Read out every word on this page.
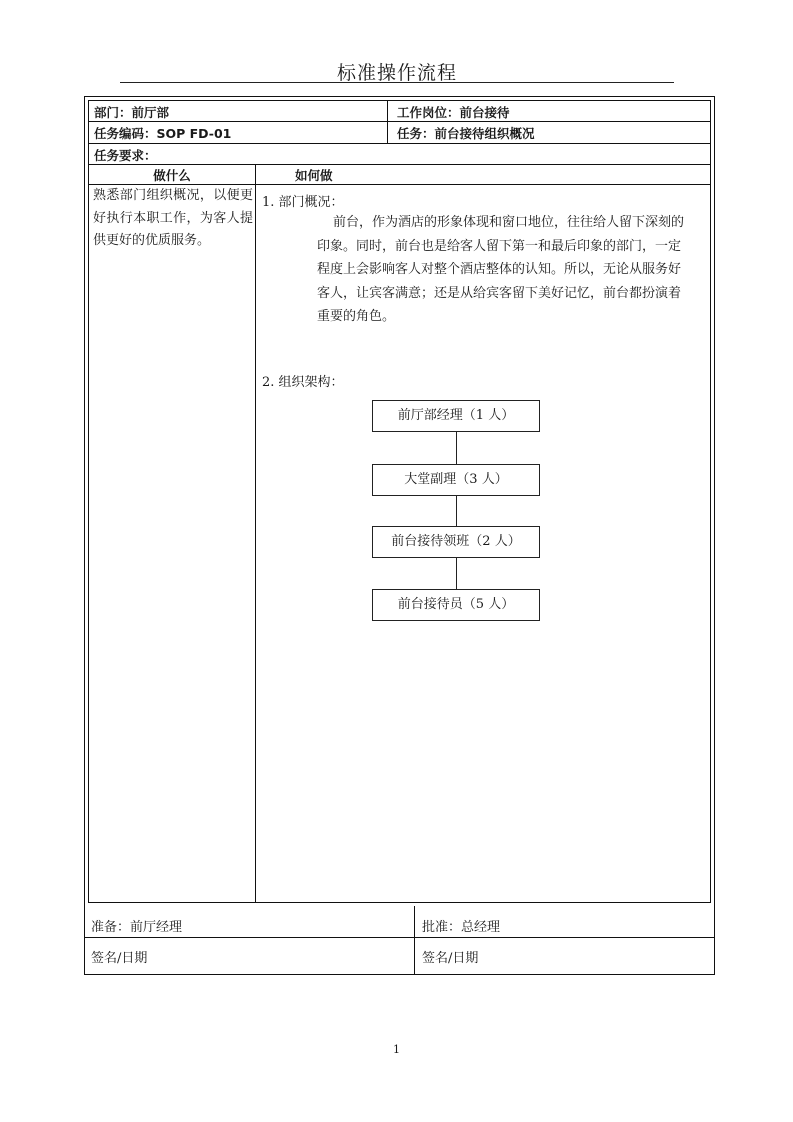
标准操作流程
部门：前厅部	工作岗位：前台接待
任务编码：SOP FD-01	任务：前台接待组织概况
任务要求：
做什么	如何做
熟悉部门组织概况，以便更好执行本职工作，为客人提供更好的优质服务。
1. 部门概况：
前台，作为酒店的形象体现和窗口地位，往往给人留下深刻的
印象。同时，前台也是给客人留下第一和最后印象的部门，一定
程度上会影响客人对整个酒店整体的认知。所以，无论从服务好
客人，让宾客满意；还是从给宾客留下美好记忆，前台都扮演着
重要的角色。
2. 组织架构：
准备：前厅经理	批准：总经理
签名/日期	签名/日期
前厅部经理（1 人）
大堂副理（3 人）
前台接待领班（2 人）
前台接待员（5 人）
1
